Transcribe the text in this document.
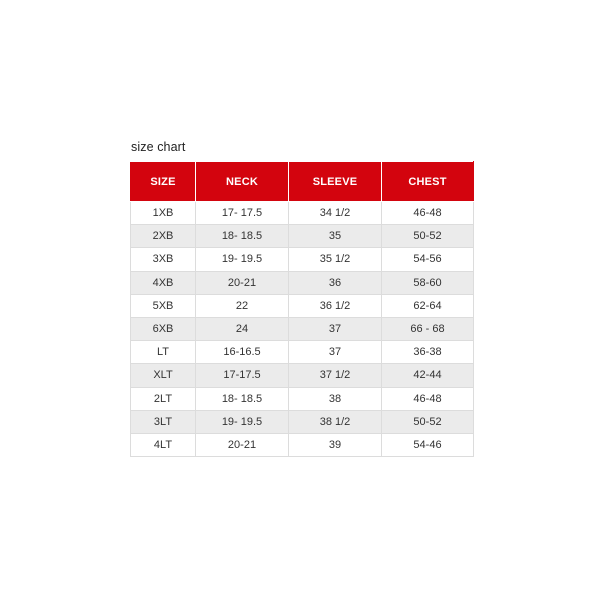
size chart
SIZE	NECK	SLEEVE	CHEST
1XB	17- 17.5	34 1/2	46-48
2XB	18- 18.5	35	50-52
3XB	19- 19.5	35 1/2	54-56
4XB	20-21	36	58-60
5XB	22	36 1/2	62-64
6XB	24	37	66 - 68
LT	16-16.5	37	36-38
XLT	17-17.5	37 1/2	42-44
2LT	18- 18.5	38	46-48
3LT	19- 19.5	38 1/2	50-52
4LT	20-21	39	54-46
